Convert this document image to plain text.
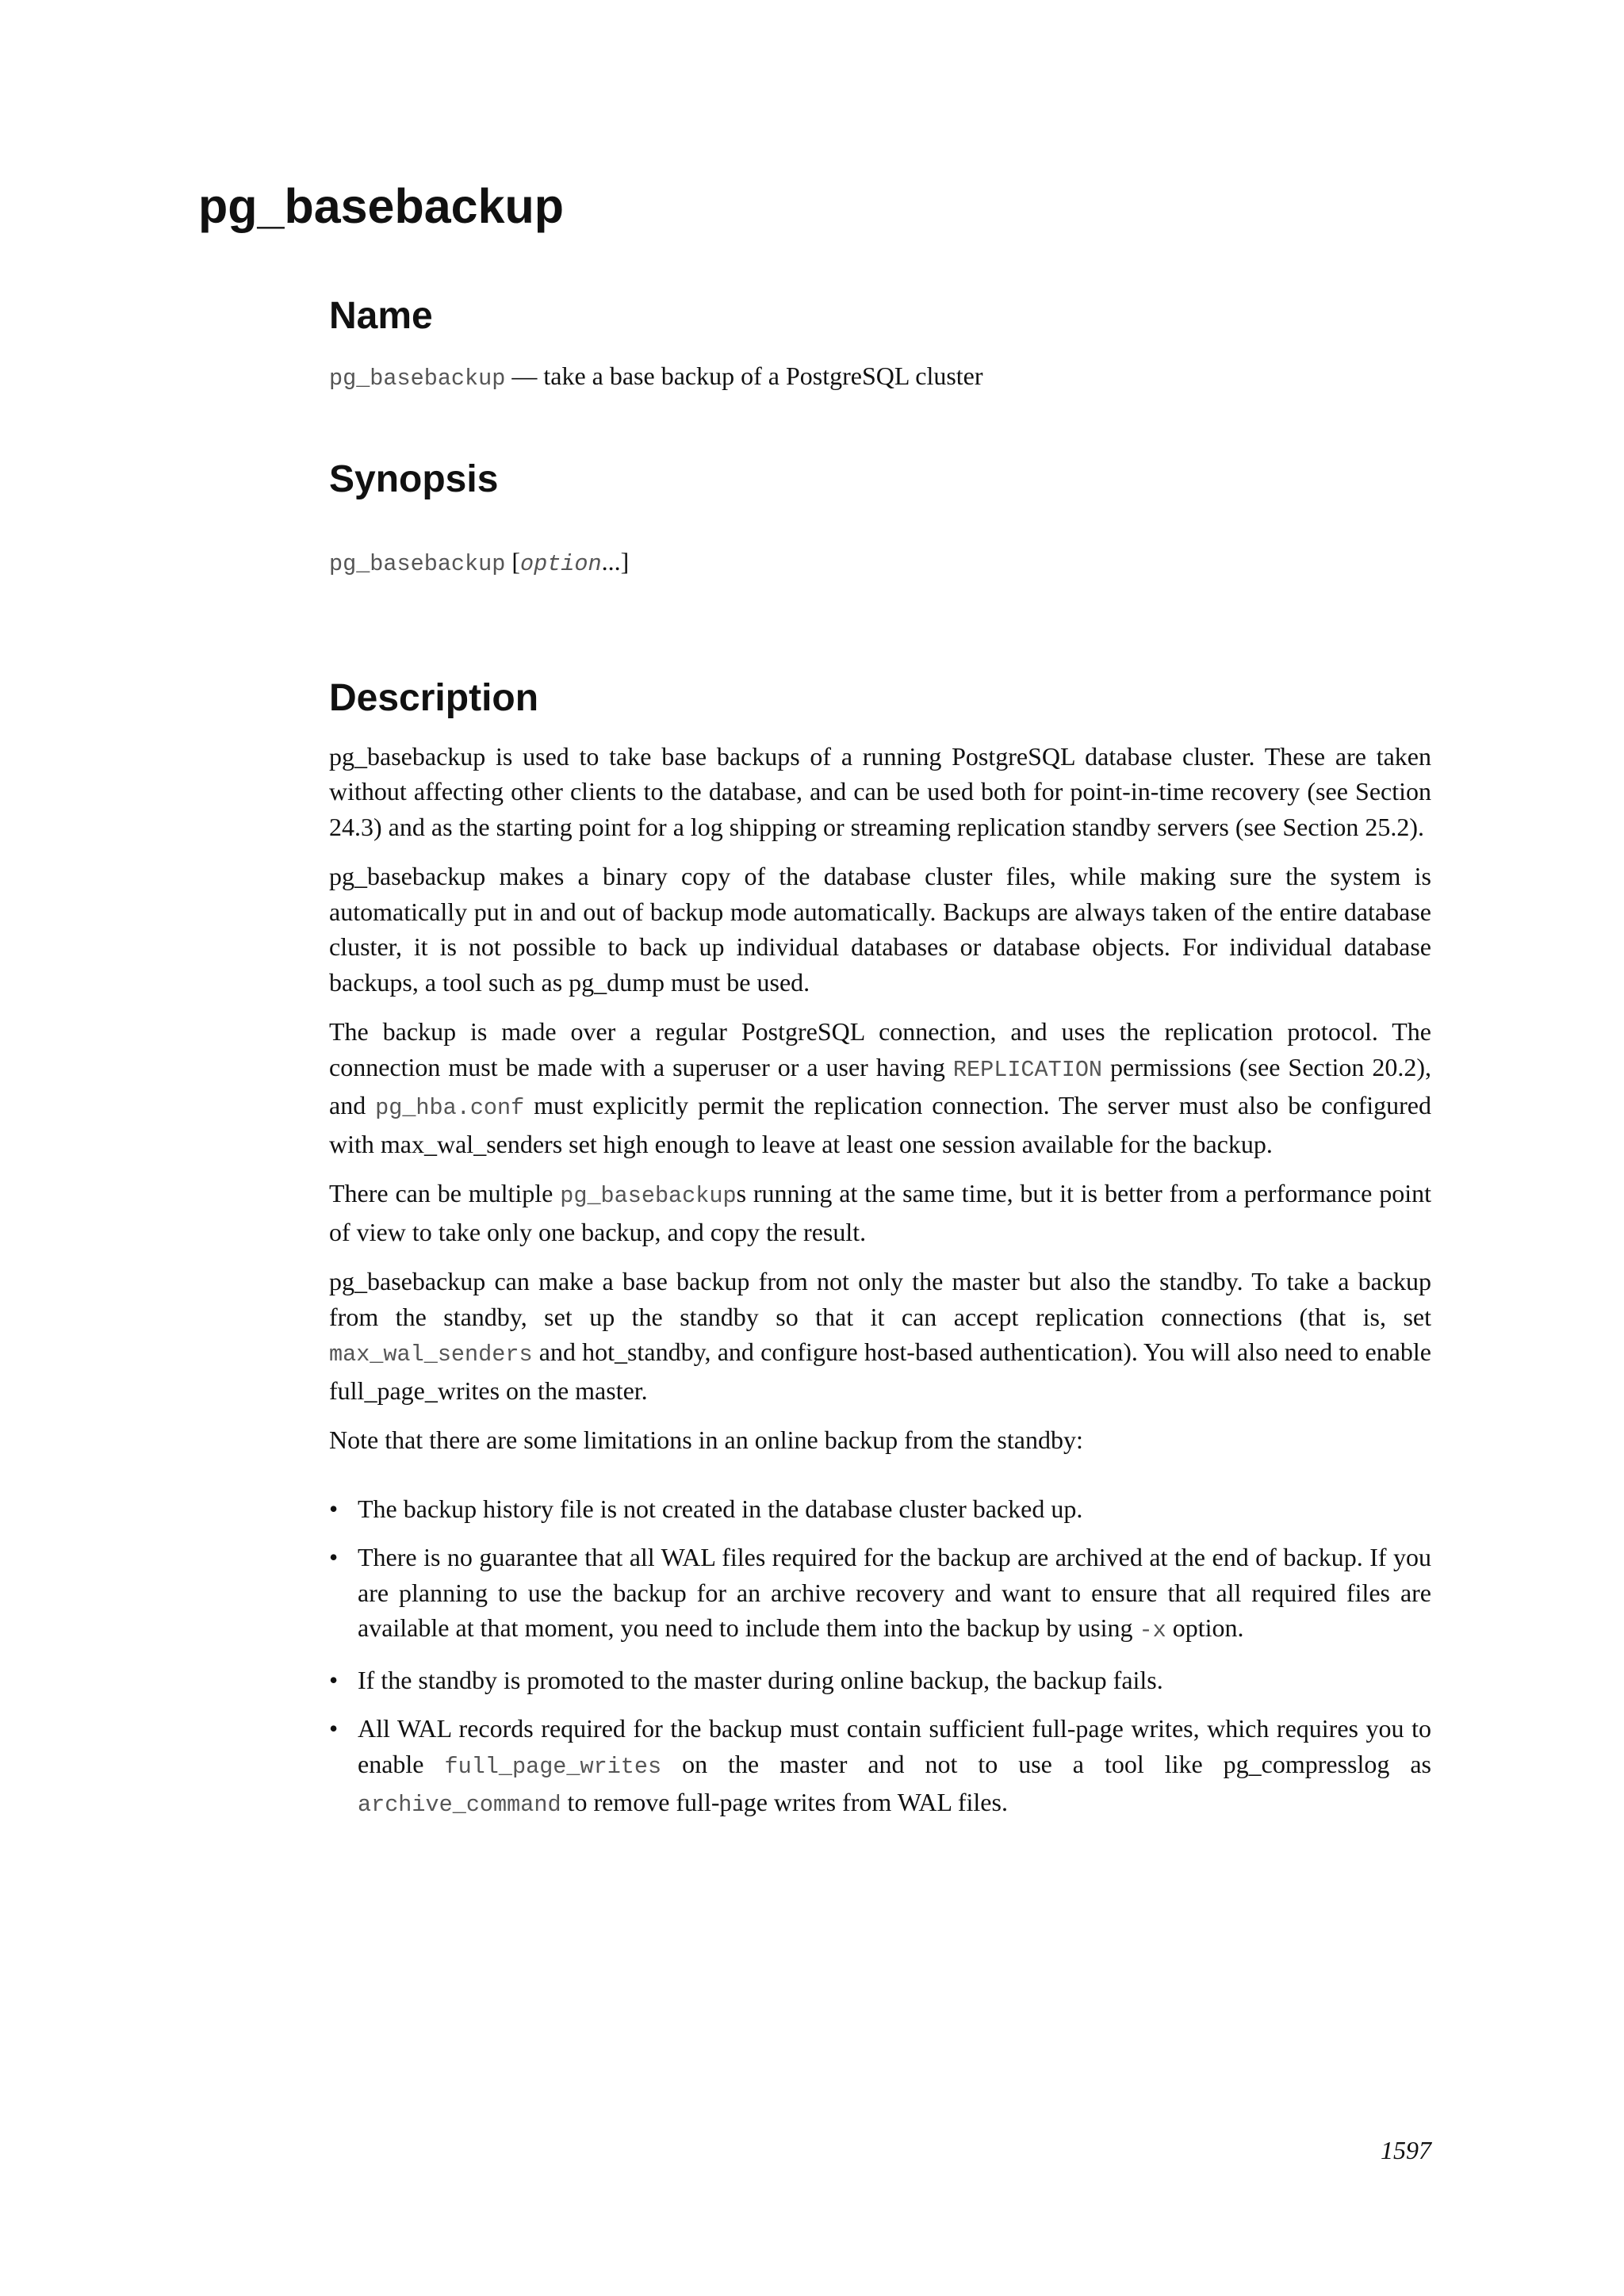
pg_basebackup
Name

pg_basebackup — take a base backup of a PostgreSQL cluster

Synopsis

pg_basebackup [option...]

Description

pg_basebackup is used to take base backups of a running PostgreSQL database cluster. These are taken without affecting other clients to the database, and can be used both for point-in-time recovery (see Section 24.3) and as the starting point for a log shipping or streaming replication standby servers (see Section 25.2).

pg_basebackup makes a binary copy of the database cluster files, while making sure the system is automatically put in and out of backup mode automatically. Backups are always taken of the entire database cluster, it is not possible to back up individual databases or database objects. For individual database backups, a tool such as pg_dump must be used.

The backup is made over a regular PostgreSQL connection, and uses the replication protocol. The connection must be made with a superuser or a user having REPLICATION permissions (see Section 20.2), and pg_hba.conf must explicitly permit the replication connection. The server must also be configured with max_wal_senders set high enough to leave at least one session available for the backup.

There can be multiple pg_basebackups running at the same time, but it is better from a performance point of view to take only one backup, and copy the result.

pg_basebackup can make a base backup from not only the master but also the standby. To take a backup from the standby, set up the standby so that it can accept replication connections (that is, set max_wal_senders and hot_standby, and configure host-based authentication). You will also need to enable full_page_writes on the master.

Note that there are some limitations in an online backup from the standby:

• The backup history file is not created in the database cluster backed up.
• There is no guarantee that all WAL files required for the backup are archived at the end of backup. If you are planning to use the backup for an archive recovery and want to ensure that all required files are available at that moment, you need to include them into the backup by using -x option.
• If the standby is promoted to the master during online backup, the backup fails.
• All WAL records required for the backup must contain sufficient full-page writes, which requires you to enable full_page_writes on the master and not to use a tool like pg_compresslog as archive_command to remove full-page writes from WAL files.
1597
